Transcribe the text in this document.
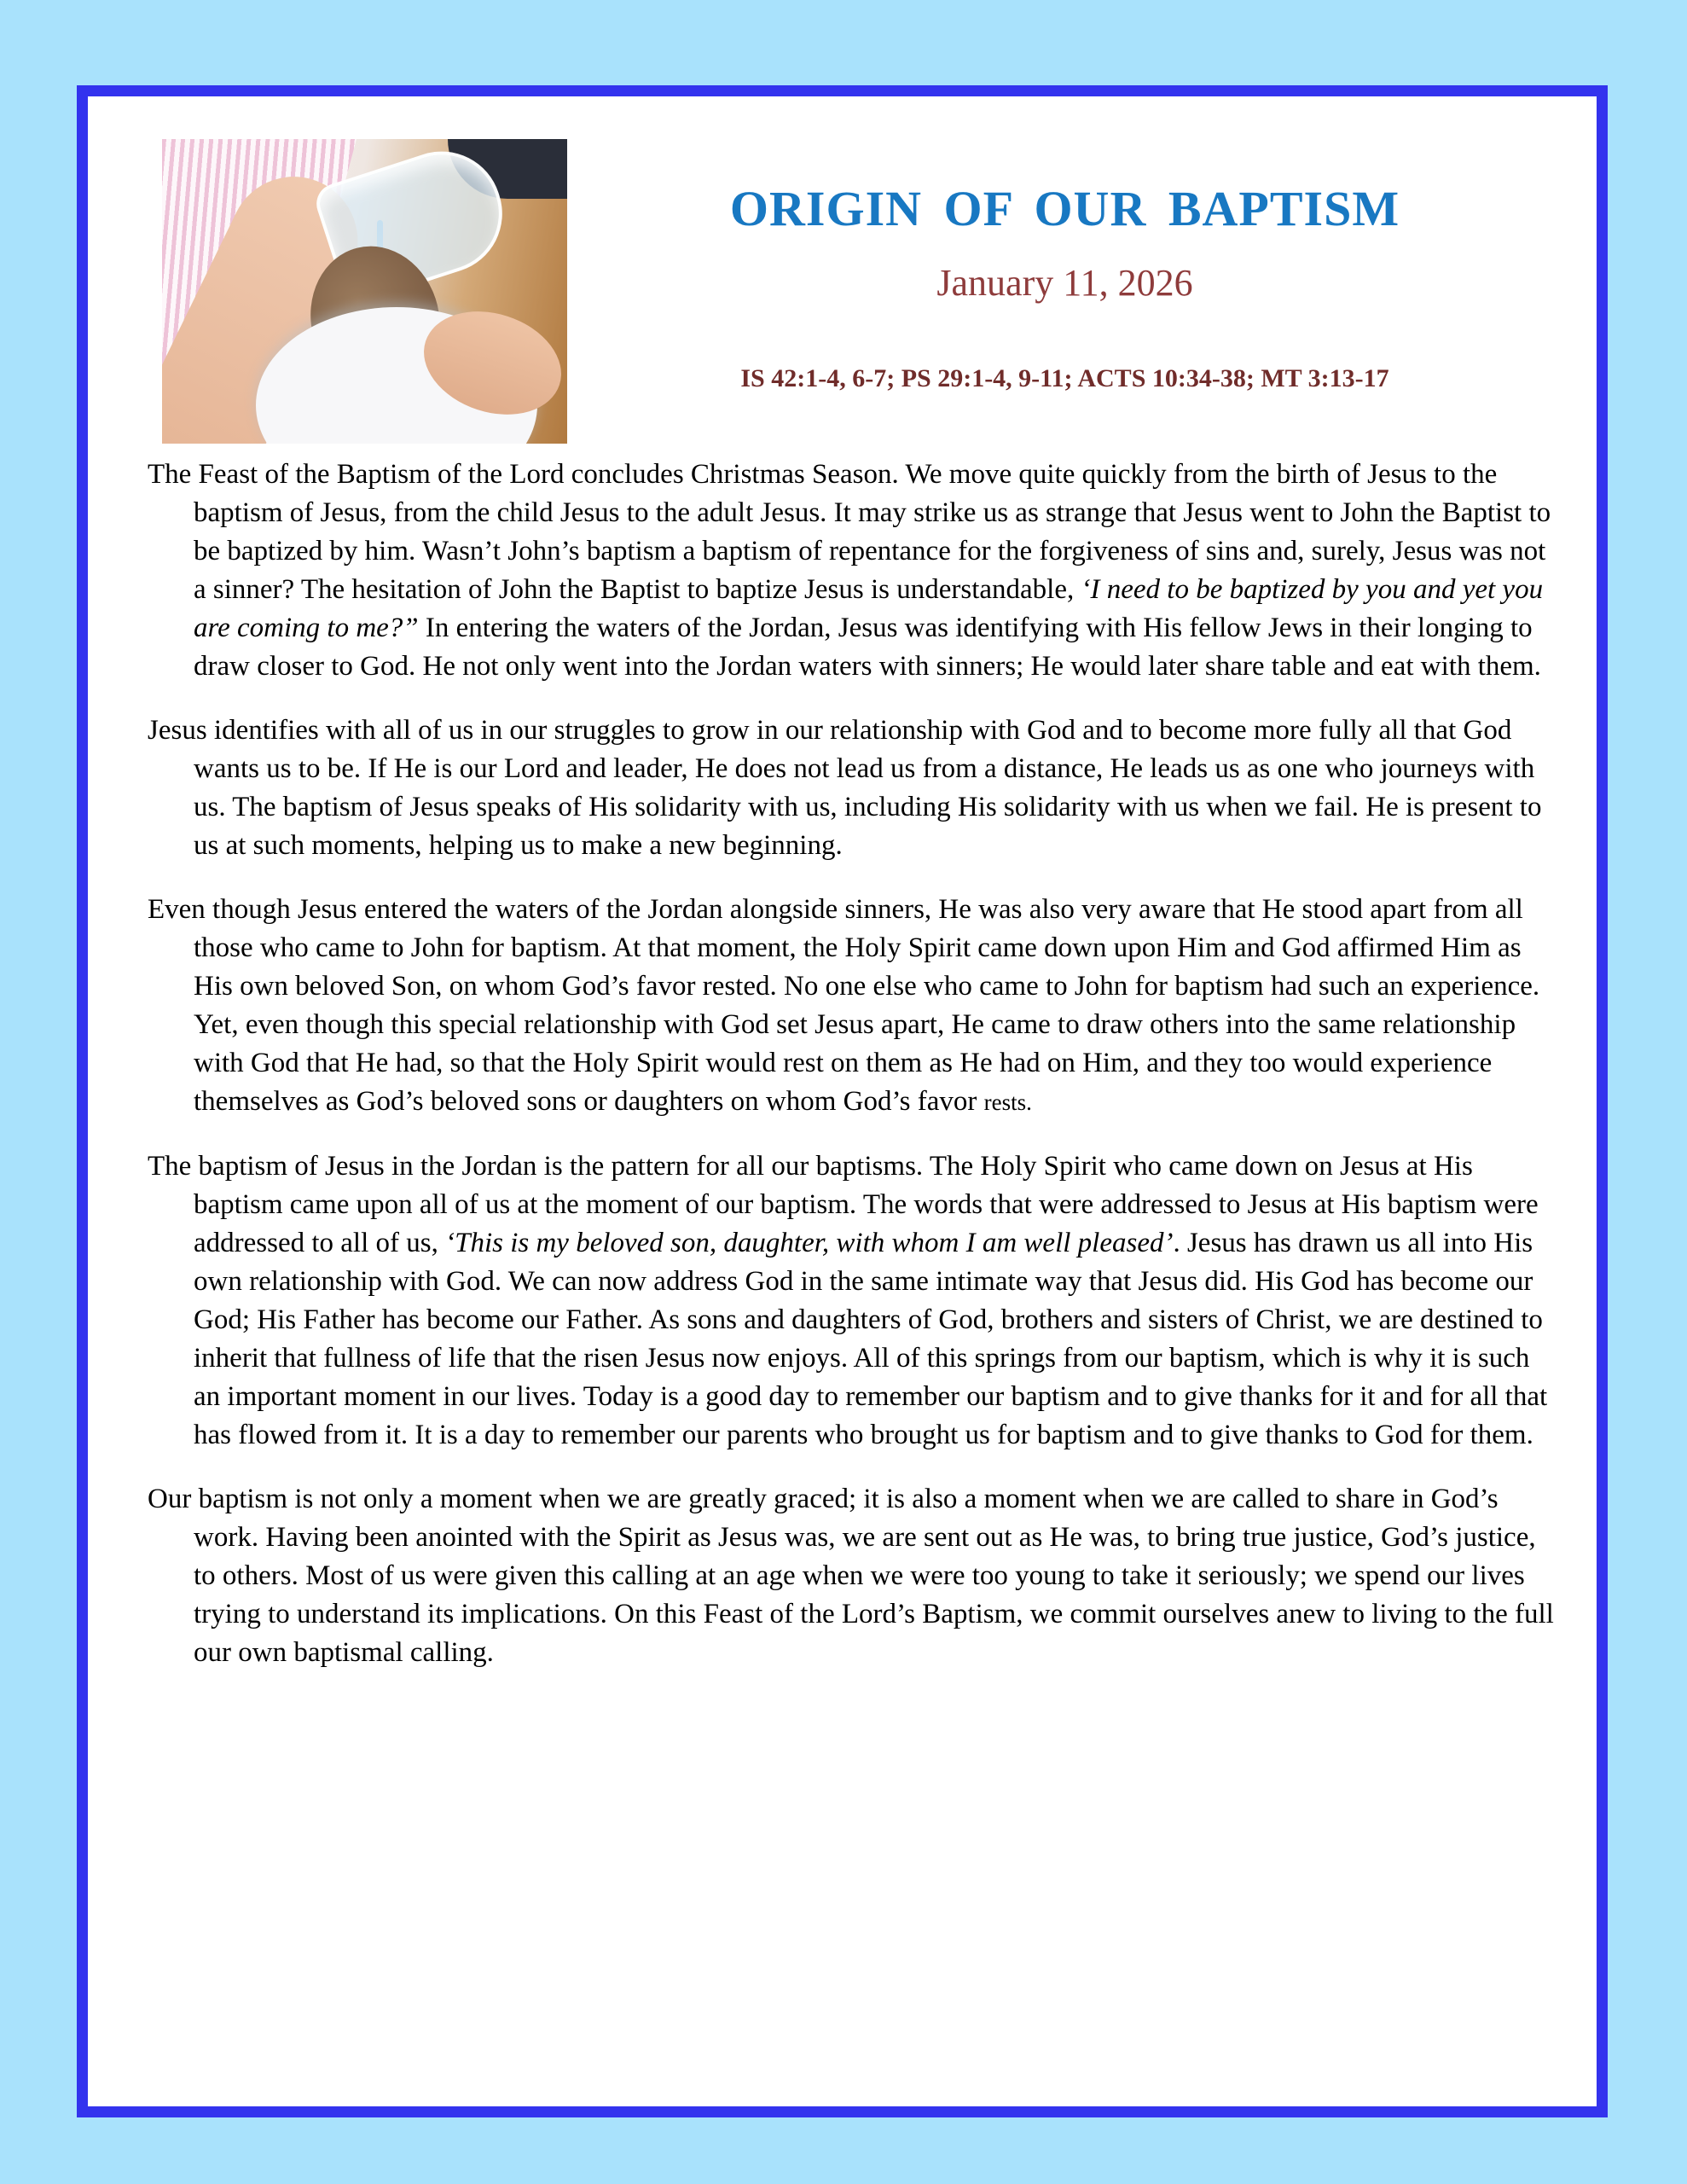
ORIGIN OF OUR BAPTISM
January 11, 2026
IS 42:1-4, 6-7; PS 29:1-4, 9-11; ACTS 10:34-38; MT 3:13-17

The Feast of the Baptism of the Lord concludes Christmas Season. We move quite quickly from the birth of Jesus to the baptism of Jesus, from the child Jesus to the adult Jesus. It may strike us as strange that Jesus went to John the Baptist to be baptized by him. Wasn’t John’s baptism a baptism of repentance for the forgiveness of sins and, surely, Jesus was not a sinner? The hesitation of John the Baptist to baptize Jesus is understandable, ‘I need to be baptized by you and yet you are coming to me?” In entering the waters of the Jordan, Jesus was identifying with His fellow Jews in their longing to draw closer to God. He not only went into the Jordan waters with sinners; He would later share table and eat with them.

Jesus identifies with all of us in our struggles to grow in our relationship with God and to become more fully all that God wants us to be. If He is our Lord and leader, He does not lead us from a distance, He leads us as one who journeys with us. The baptism of Jesus speaks of His solidarity with us, including His solidarity with us when we fail. He is present to us at such moments, helping us to make a new beginning.

Even though Jesus entered the waters of the Jordan alongside sinners, He was also very aware that He stood apart from all those who came to John for baptism. At that moment, the Holy Spirit came down upon Him and God affirmed Him as His own beloved Son, on whom God’s favor rested. No one else who came to John for baptism had such an experience. Yet, even though this special relationship with God set Jesus apart, He came to draw others into the same relationship with God that He had, so that the Holy Spirit would rest on them as He had on Him, and they too would experience themselves as God’s beloved sons or daughters on whom God’s favor rests.

The baptism of Jesus in the Jordan is the pattern for all our baptisms. The Holy Spirit who came down on Jesus at His baptism came upon all of us at the moment of our baptism. The words that were addressed to Jesus at His baptism were addressed to all of us, ‘This is my beloved son, daughter, with whom I am well pleased’. Jesus has drawn us all into His own relationship with God. We can now address God in the same intimate way that Jesus did. His God has become our God; His Father has become our Father. As sons and daughters of God, brothers and sisters of Christ, we are destined to inherit that fullness of life that the risen Jesus now enjoys. All of this springs from our baptism, which is why it is such an important moment in our lives. Today is a good day to remember our baptism and to give thanks for it and for all that has flowed from it. It is a day to remember our parents who brought us for baptism and to give thanks to God for them.

Our baptism is not only a moment when we are greatly graced; it is also a moment when we are called to share in God’s work. Having been anointed with the Spirit as Jesus was, we are sent out as He was, to bring true justice, God’s justice, to others. Most of us were given this calling at an age when we were too young to take it seriously; we spend our lives trying to understand its implications. On this Feast of the Lord’s Baptism, we commit ourselves anew to living to the full our own baptismal calling.
